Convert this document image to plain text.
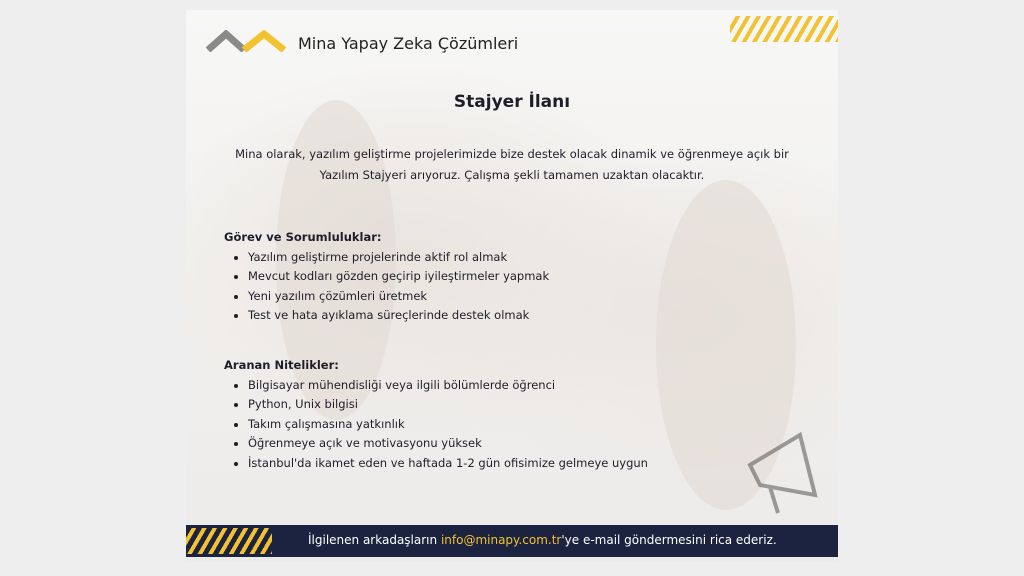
Mina Yapay Zeka Çözümleri
Stajyer İlanı
Mina olarak, yazılım geliştirme projelerimizde bize destek olacak dinamik ve öğrenmeye açık bir Yazılım Stajyeri arıyoruz. Çalışma şekli tamamen uzaktan olacaktır.
Görev ve Sorumluluklar:
• Yazılım geliştirme projelerinde aktif rol almak
• Mevcut kodları gözden geçirip iyileştirmeler yapmak
• Yeni yazılım çözümleri üretmek
• Test ve hata ayıklama süreçlerinde destek olmak
Aranan Nitelikler:
• Bilgisayar mühendisliği veya ilgili bölümlerde öğrenci
• Python, Unix bilgisi
• Takım çalışmasına yatkınlık
• Öğrenmeye açık ve motivasyonu yüksek
• İstanbul'da ikamet eden ve haftada 1-2 gün ofisimize gelmeye uygun
İlgilenen arkadaşların info@minapy.com.tr'ye e-mail göndermesini rica ederiz.
